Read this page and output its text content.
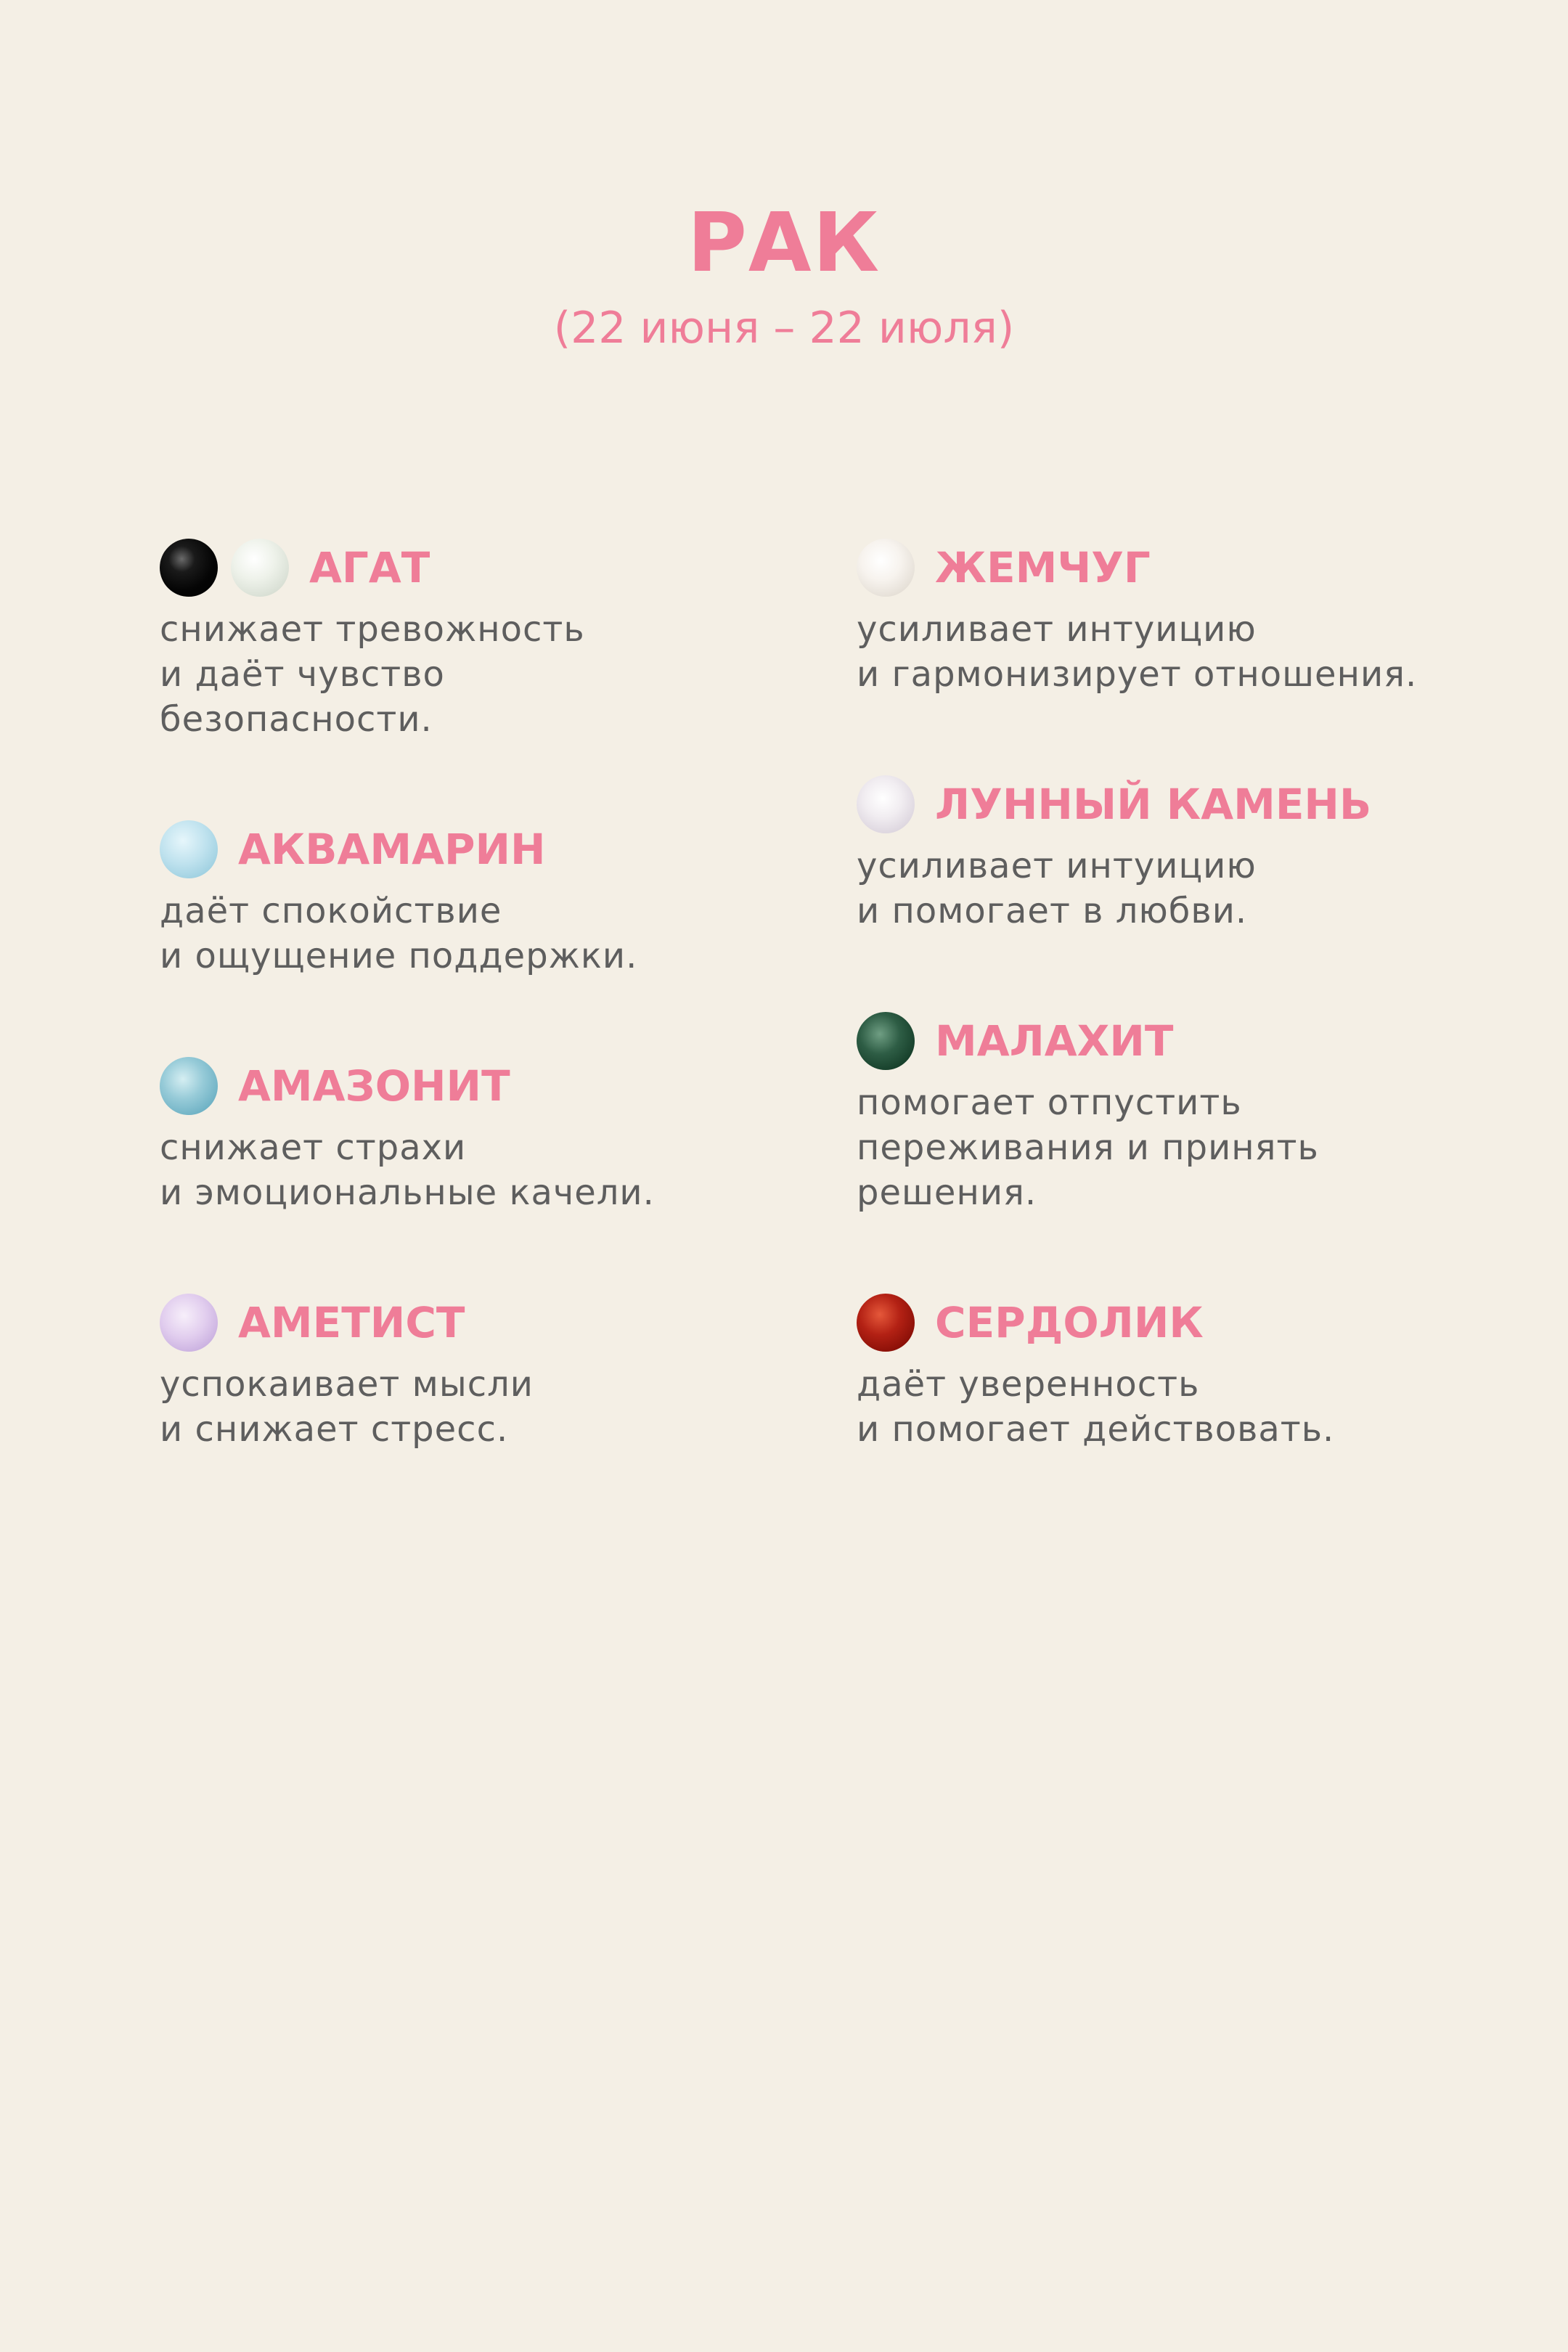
РАК
(22 июня – 22 июля)
АГАТ
снижает тревожность
и даёт чувство
безопасности.
АКВАМАРИН
даёт спокойствие
и ощущение поддержки.
АМАЗОНИТ
снижает страхи
и эмоциональные качели.
АМЕТИСТ
успокаивает мысли
и снижает стресс.
ЖЕМЧУГ
усиливает интуицию
и гармонизирует отношения.
ЛУННЫЙ КАМЕНЬ
усиливает интуицию
и помогает в любви.
МАЛАХИТ
помогает отпустить
переживания и принять
решения.
СЕРДОЛИК
даёт уверенность
и помогает действовать.
